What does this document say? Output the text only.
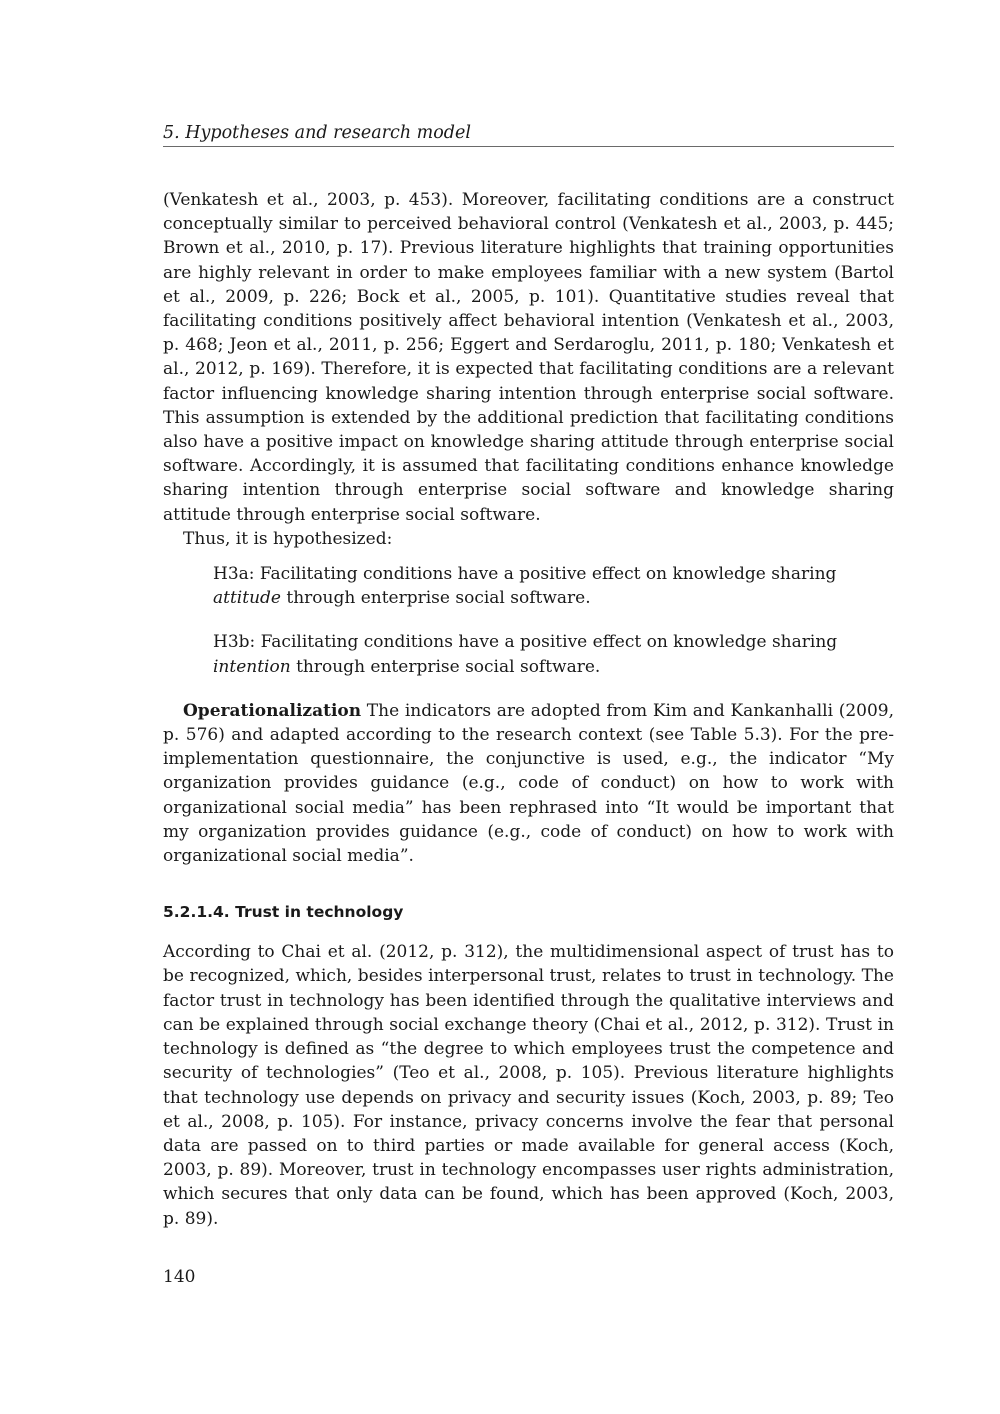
5. Hypotheses and research model

(Venkatesh et al., 2003, p. 453). Moreover, facilitating conditions are a construct conceptually similar to perceived behavioral control (Venkatesh et al., 2003, p. 445; Brown et al., 2010, p. 17). Previous literature highlights that training opportunities are highly relevant in order to make employees familiar with a new system (Bartol et al., 2009, p. 226; Bock et al., 2005, p. 101). Quantitative studies reveal that facilitating conditions positively affect behavioral intention (Venkatesh et al., 2003, p. 468; Jeon et al., 2011, p. 256; Eggert and Serdaroglu, 2011, p. 180; Venkatesh et al., 2012, p. 169). Therefore, it is expected that facilitating conditions are a relevant factor influencing knowledge sharing intention through enterprise social software. This assumption is extended by the additional prediction that facilitating conditions also have a positive impact on knowledge sharing attitude through enterprise social software. Accordingly, it is assumed that facilitating conditions enhance knowledge sharing intention through enterprise social software and knowledge sharing attitude through enterprise social software.

Thus, it is hypothesized:

H3a: Facilitating conditions have a positive effect on knowledge sharing attitude through enterprise social software.

H3b: Facilitating conditions have a positive effect on knowledge sharing intention through enterprise social software.

Operationalization The indicators are adopted from Kim and Kankanhalli (2009, p. 576) and adapted according to the research context (see Table 5.3). For the pre-implementation questionnaire, the conjunctive is used, e.g., the indicator “My organization provides guidance (e.g., code of conduct) on how to work with organizational social media” has been rephrased into “It would be important that my organization provides guidance (e.g., code of conduct) on how to work with organizational social media”.

5.2.1.4. Trust in technology

According to Chai et al. (2012, p. 312), the multidimensional aspect of trust has to be recognized, which, besides interpersonal trust, relates to trust in technology. The factor trust in technology has been identified through the qualitative interviews and can be explained through social exchange theory (Chai et al., 2012, p. 312). Trust in technology is defined as “the degree to which employees trust the competence and security of technologies” (Teo et al., 2008, p. 105). Previous literature highlights that technology use depends on privacy and security issues (Koch, 2003, p. 89; Teo et al., 2008, p. 105). For instance, privacy concerns involve the fear that personal data are passed on to third parties or made available for general access (Koch, 2003, p. 89). Moreover, trust in technology encompasses user rights administration, which secures that only data can be found, which has been approved (Koch, 2003, p. 89).

140
